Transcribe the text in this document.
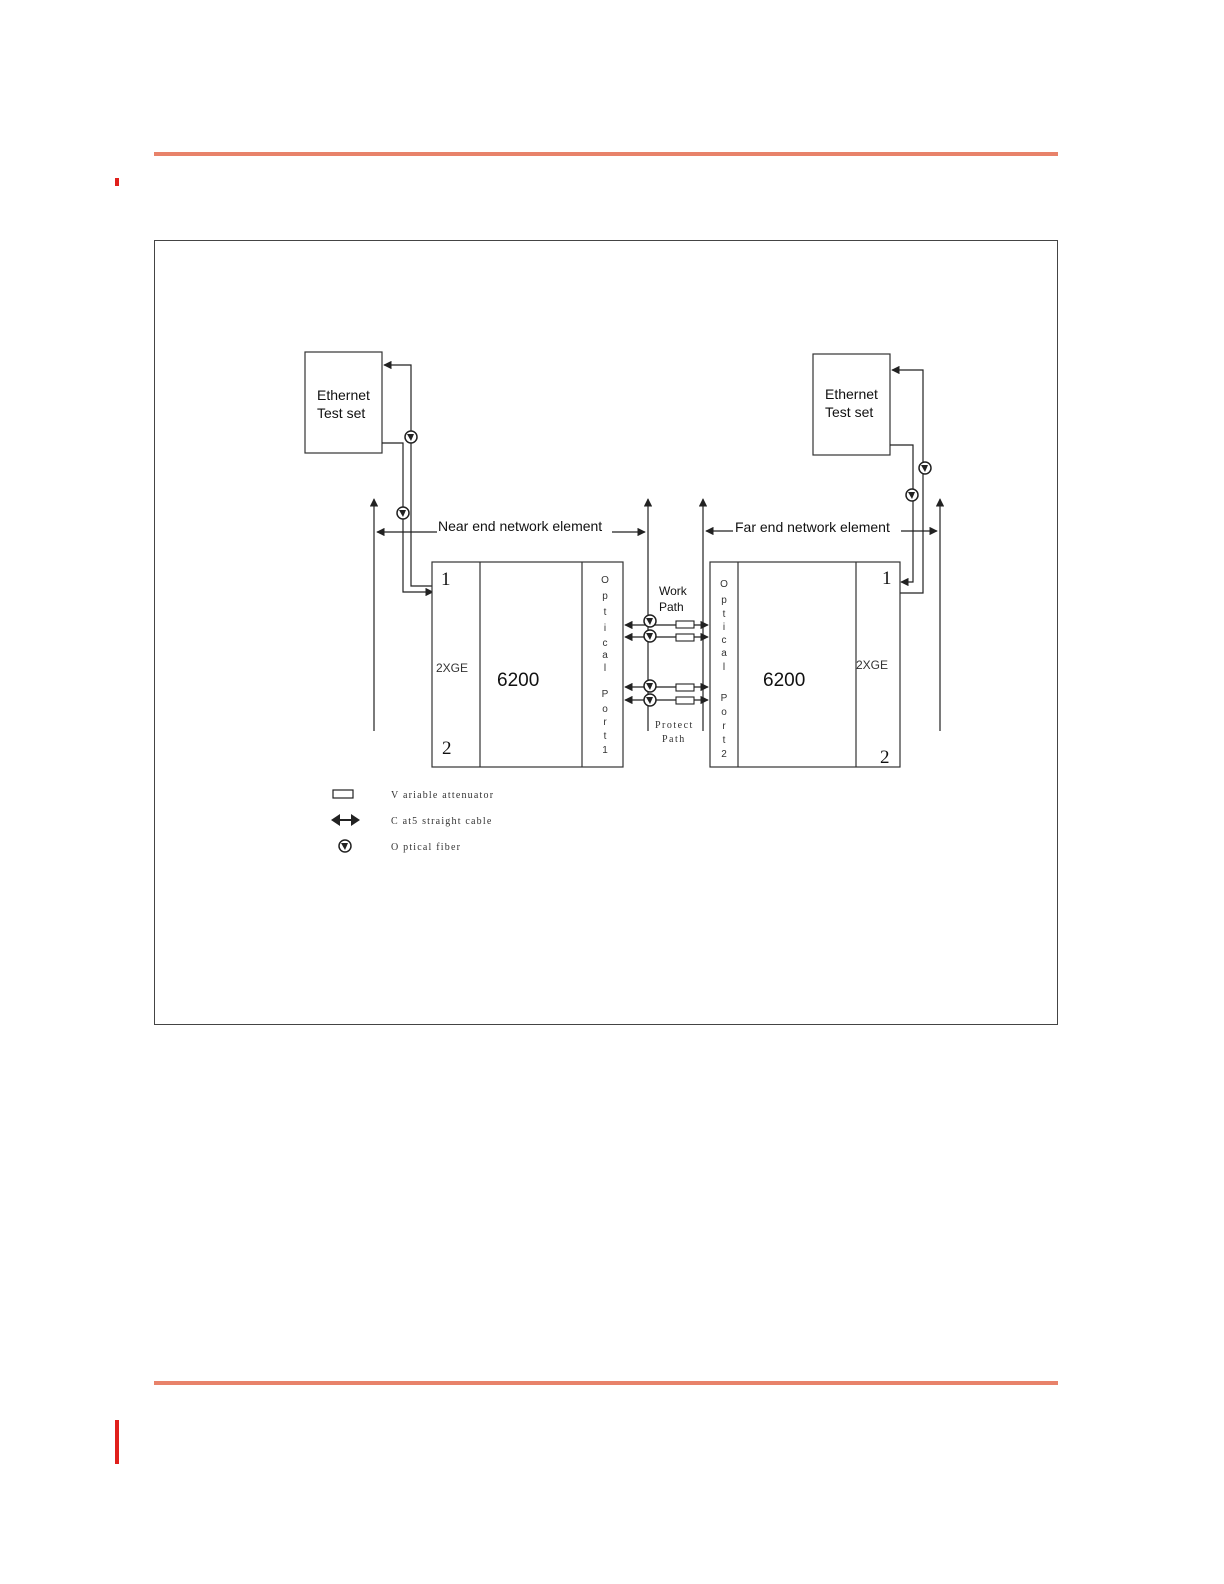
Ethernet
Test set
Ethernet
Test set
Near end network element	Far end network element
1
2
2XGE
6200
O
p
t
i
c
a
l
P
o
r
t
1
1
2
2XGE
6200
O
p
t
i
c
a
l
P
o
r
t
2
Work
Path
Protect
Path
V ariable attenuator
C at5 straight cable
O ptical fiber
